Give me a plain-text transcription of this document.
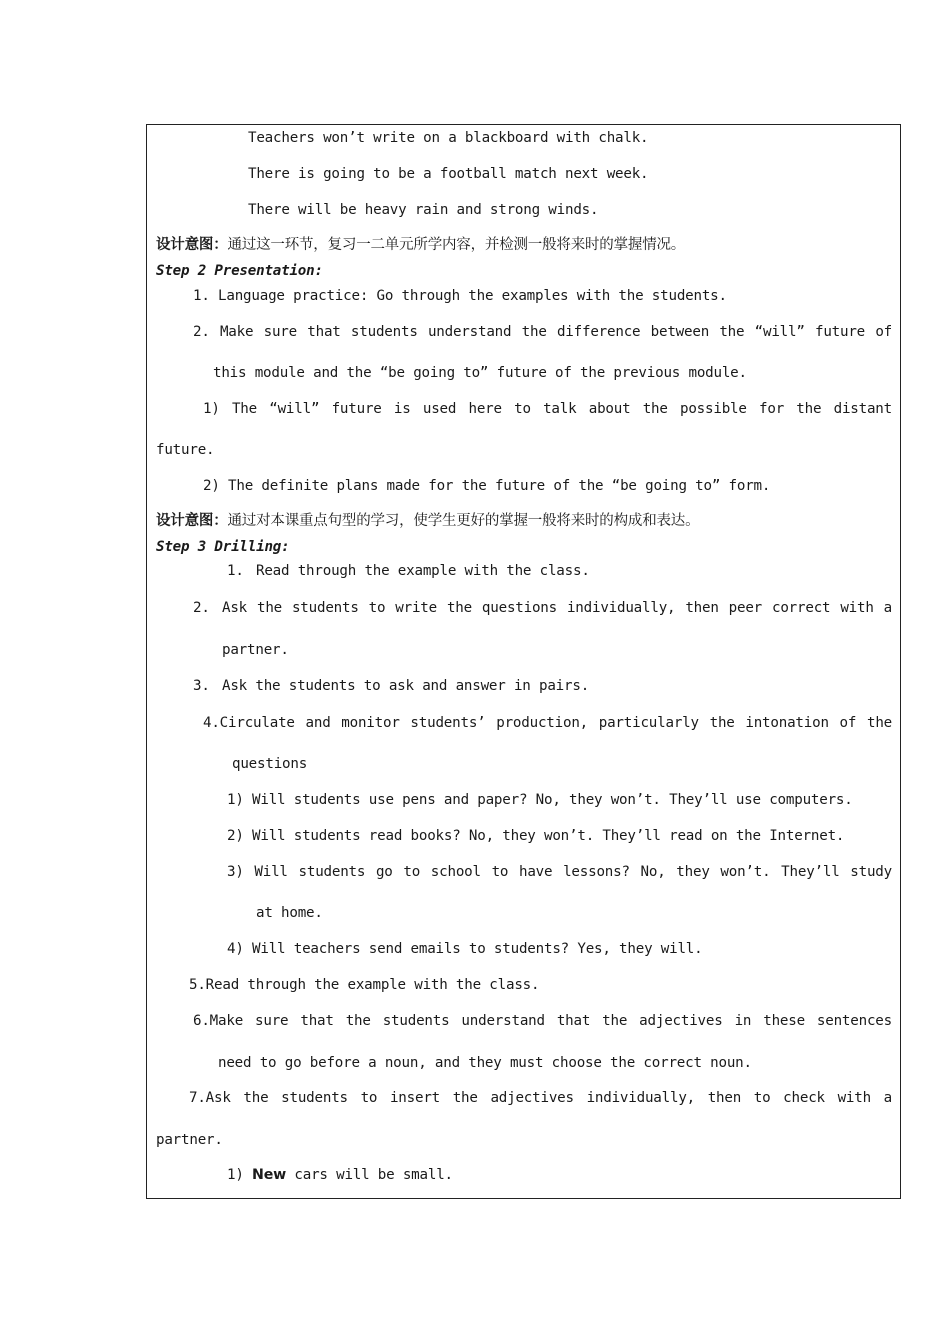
Teachers won’t write on a blackboard with chalk.
There is going to be a football match next week.
There will be heavy rain and strong winds.
设计意图：通过这一环节，复习一二单元所学内容，并检测一般将来时的掌握情况。
Step 2 Presentation:
1. Language practice: Go through the examples with the students.
2. Make sure that students understand the difference between the “will” future of
this module and the “be going to” future of the previous module.
1) The “will” future is used here to talk about the possible for the distant
future.
2) The definite plans made for the future of the “be going to” form.
设计意图：通过对本课重点句型的学习，使学生更好的掌握一般将来时的构成和表达。
Step 3 Drilling:
1. Read through the example with the class.
2. Ask the students to write the questions individually, then peer correct with a
partner.
3. Ask the students to ask and answer in pairs.
4.Circulate and monitor students’ production, particularly the intonation of the
questions
1) Will students use pens and paper? No, they won’t. They’ll use computers.
2) Will students read books? No, they won’t. They’ll read on the Internet.
3) Will students go to school to have lessons? No, they won’t. They’ll study
at home.
4) Will teachers send emails to students? Yes, they will.
5.Read through the example with the class.
6.Make sure that the students understand that the adjectives in these sentences
need to go before a noun, and they must choose the correct noun.
7.Ask the students to insert the adjectives individually, then to check with a
partner.
1) New cars will be small.
